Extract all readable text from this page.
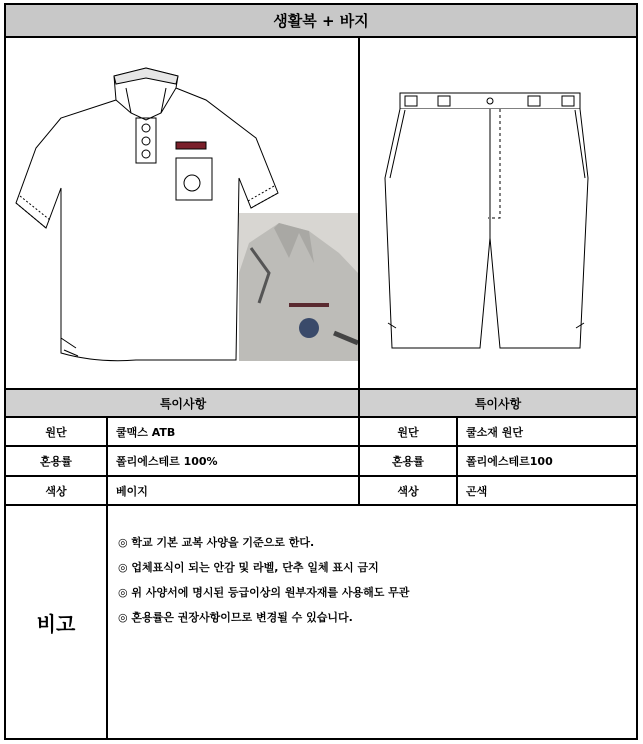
생활복 + 바지
특이사항	특이사항
원단	쿨맥스 ATB	원단	쿨소재 원단
혼용률	폴리에스테르 100%	혼용률	폴리에스테르100
색상	베이지	색상	곤색
비고
◎ 학교 기본 교복 사양을 기준으로 한다.
◎ 업체표식이 되는 안감 및 라벨, 단추 일체 표시 금지
◎ 위 사양서에 명시된 등급이상의 원부자재를 사용해도 무관
◎ 혼용률은 권장사항이므로 변경될 수 있습니다.
